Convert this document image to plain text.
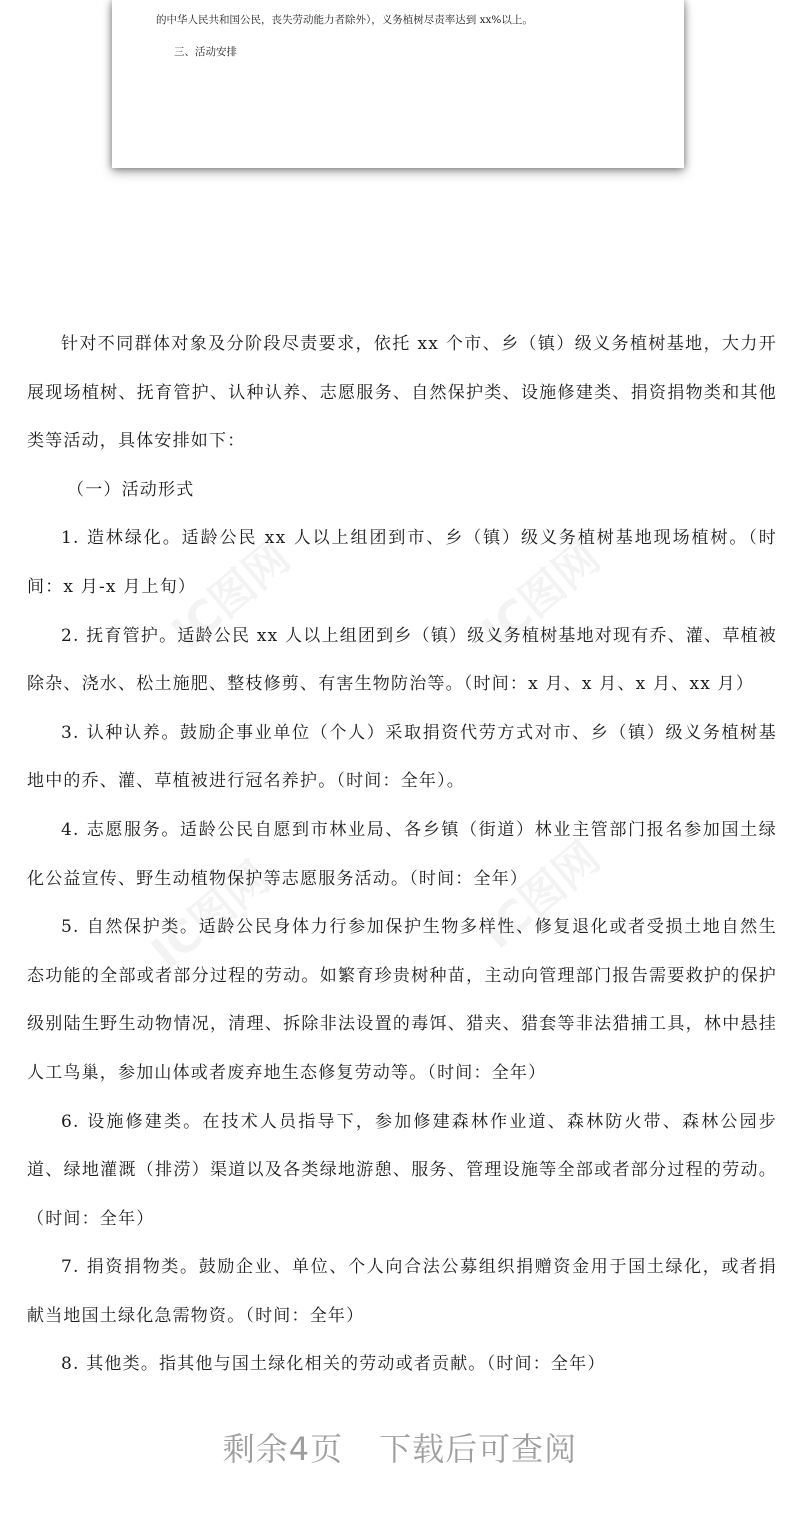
的中华人民共和国公民，丧失劳动能力者除外），义务植树尽责率达到 xx%以上。
三、活动安排
IC图网	IC图网
IC图网
IC图网

针对不同群体对象及分阶段尽责要求，依托 xx 个市、乡（镇）级义务植树基地，大力开展现场植树、抚育管护、认种认养、志愿服务、自然保护类、设施修建类、捐资捐物类和其他类等活动，具体安排如下：

（一）活动形式

1. 造林绿化。适龄公民 xx 人以上组团到市、乡（镇）级义务植树基地现场植树。（时间：x 月-x 月上旬）

2. 抚育管护。适龄公民 xx 人以上组团到乡（镇）级义务植树基地对现有乔、灌、草植被除杂、浇水、松土施肥、整枝修剪、有害生物防治等。（时间：x 月、x 月、x 月、xx 月）

3. 认种认养。鼓励企事业单位（个人）采取捐资代劳方式对市、乡（镇）级义务植树基地中的乔、灌、草植被进行冠名养护。（时间：全年）。

4. 志愿服务。适龄公民自愿到市林业局、各乡镇（街道）林业主管部门报名参加国土绿化公益宣传、野生动植物保护等志愿服务活动。（时间：全年）

5. 自然保护类。适龄公民身体力行参加保护生物多样性、修复退化或者受损土地自然生态功能的全部或者部分过程的劳动。如繁育珍贵树种苗，主动向管理部门报告需要救护的保护级别陆生野生动物情况，清理、拆除非法设置的毒饵、猎夹、猎套等非法猎捕工具，林中悬挂人工鸟巢，参加山体或者废弃地生态修复劳动等。（时间：全年）

6. 设施修建类。在技术人员指导下，参加修建森林作业道、森林防火带、森林公园步道、绿地灌溉（排涝）渠道以及各类绿地游憩、服务、管理设施等全部或者部分过程的劳动。（时间：全年）

7. 捐资捐物类。鼓励企业、单位、个人向合法公募组织捐赠资金用于国土绿化，或者捐献当地国土绿化急需物资。（时间：全年）

8. 其他类。指其他与国土绿化相关的劳动或者贡献。（时间：全年）

剩余4页 下载后可查阅
